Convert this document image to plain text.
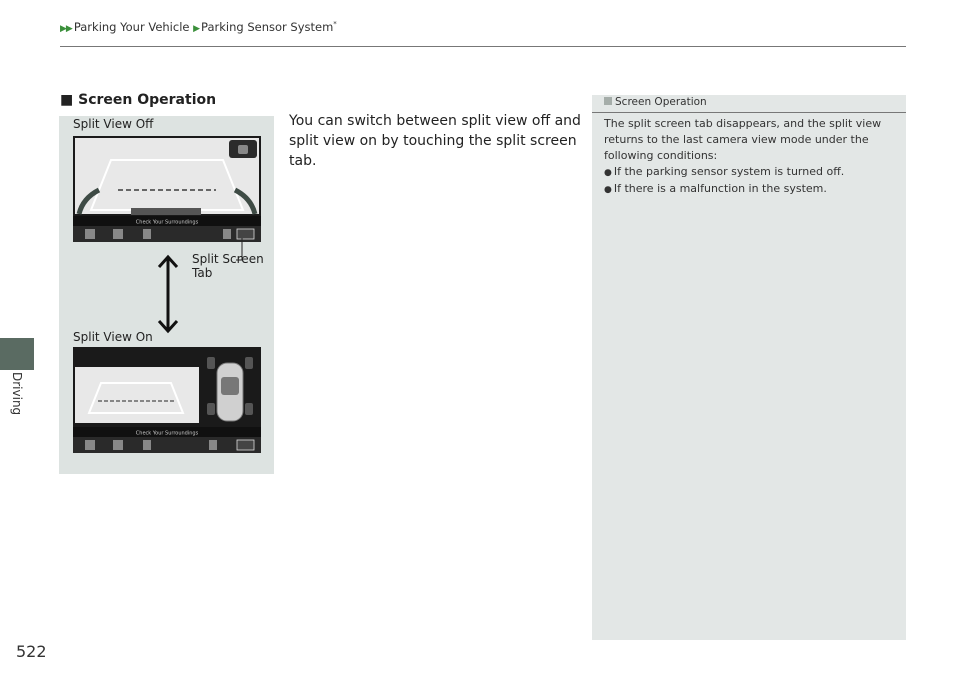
▶▶ Parking Your Vehicle ▶ Parking Sensor System*
Driving
522
■ Screen Operation
Split View Off
Split View On
Split Screen
Tab
Check Your Surroundings
Check Your Surroundings
You can switch between split view off and split view on by touching the split screen tab.
Screen Operation
The split screen tab disappears, and the split view returns to the last camera view mode under the following conditions:
● If the parking sensor system is turned off.
● If there is a malfunction in the system.
